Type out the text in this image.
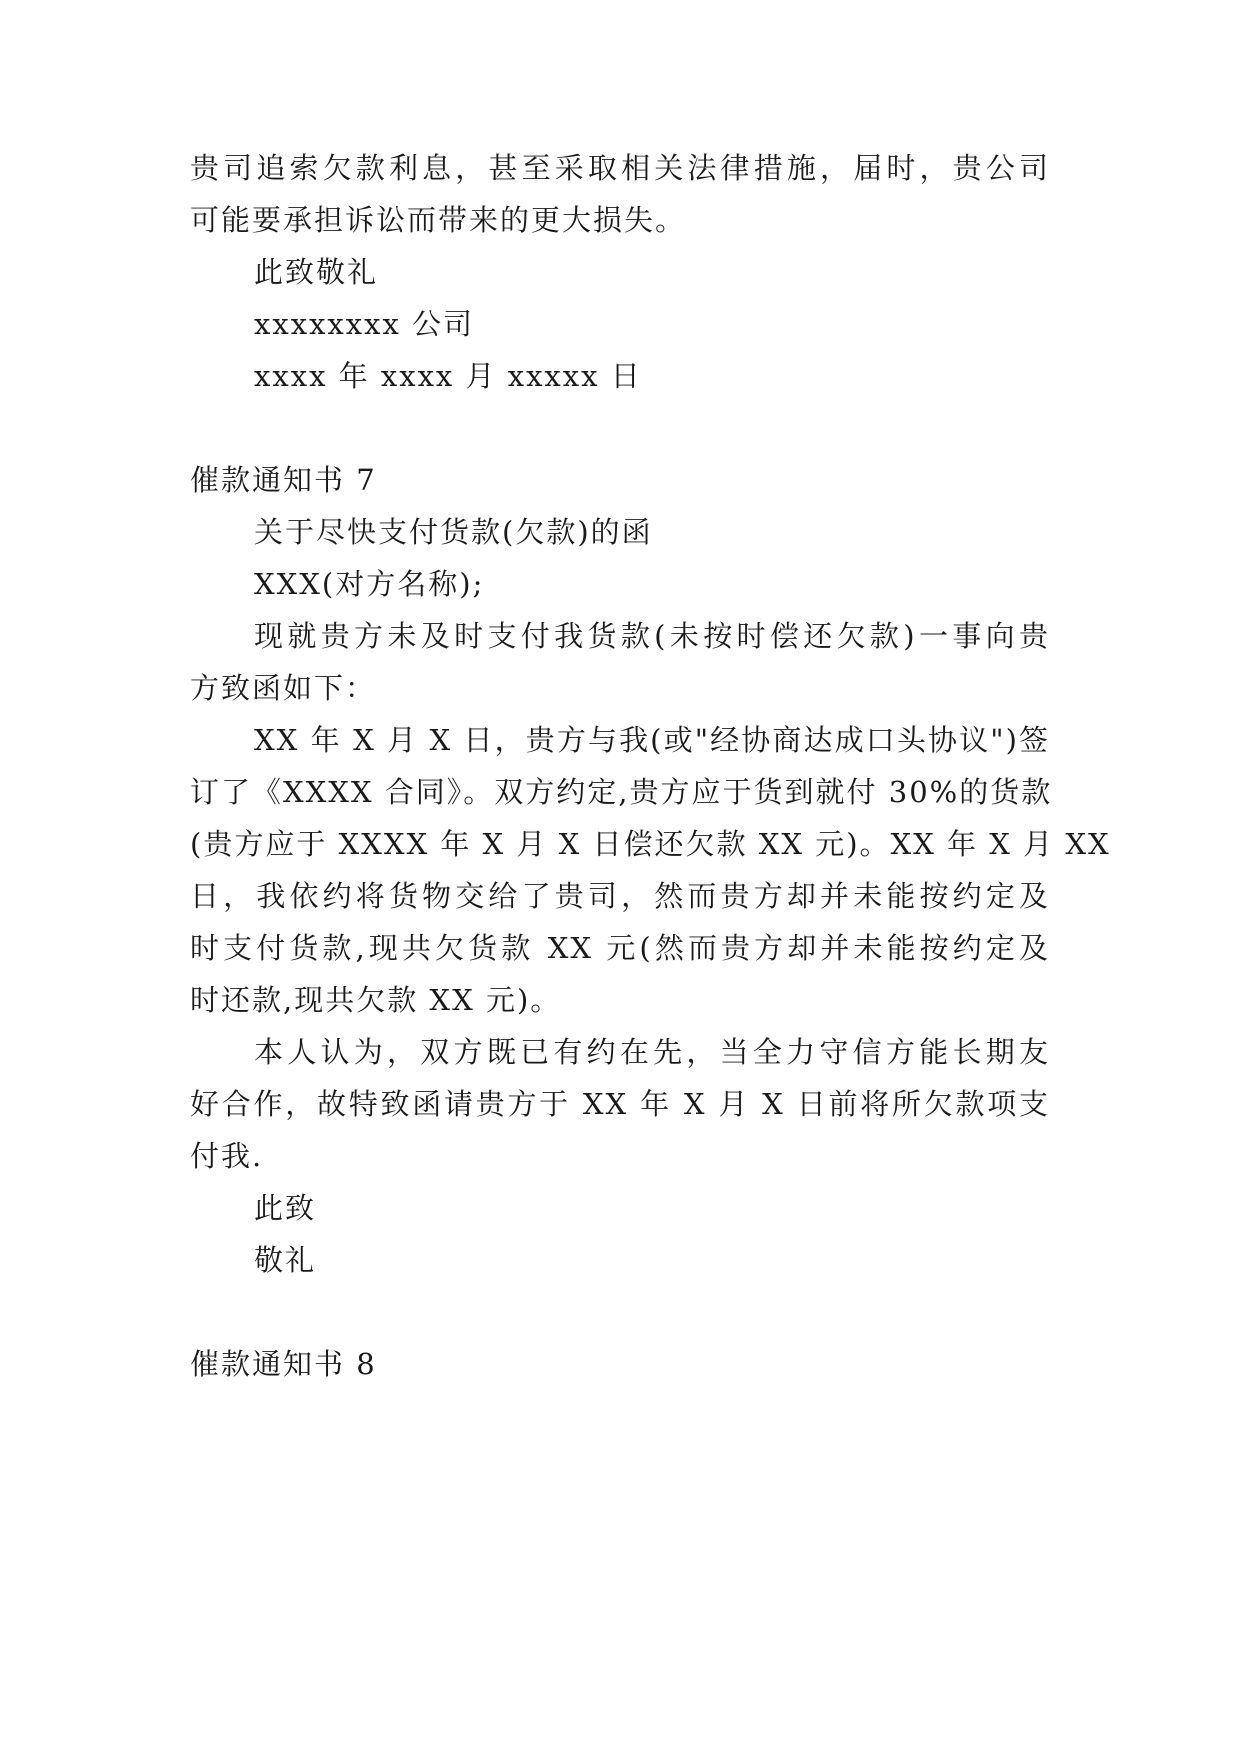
贵司追索欠款利息，甚至采取相关法律措施，届时，贵公司
可能要承担诉讼而带来的更大损失。
此致敬礼
xxxxxxxx 公司
xxxx 年 xxxx 月 xxxxx 日
催款通知书 7
关于尽快支付货款(欠款)的函
XXX(对方名称);
现就贵方未及时支付我货款(未按时偿还欠款)一事向贵
方致函如下：
XX 年 X 月 X 日，贵方与我(或"经协商达成口头协议")签
订了《XXXX 合同》。双方约定,贵方应于货到就付 30%的货款
(贵方应于 XXXX 年 X 月 X 日偿还欠款 XX 元)。XX 年 X 月 XX
日，我依约将货物交给了贵司，然而贵方却并未能按约定及
时支付货款,现共欠货款 XX 元(然而贵方却并未能按约定及
时还款,现共欠款 XX 元)。
本人认为，双方既已有约在先，当全力守信方能长期友
好合作，故特致函请贵方于 XX 年 X 月 X 日前将所欠款项支
付我.
此致
敬礼
催款通知书 8
